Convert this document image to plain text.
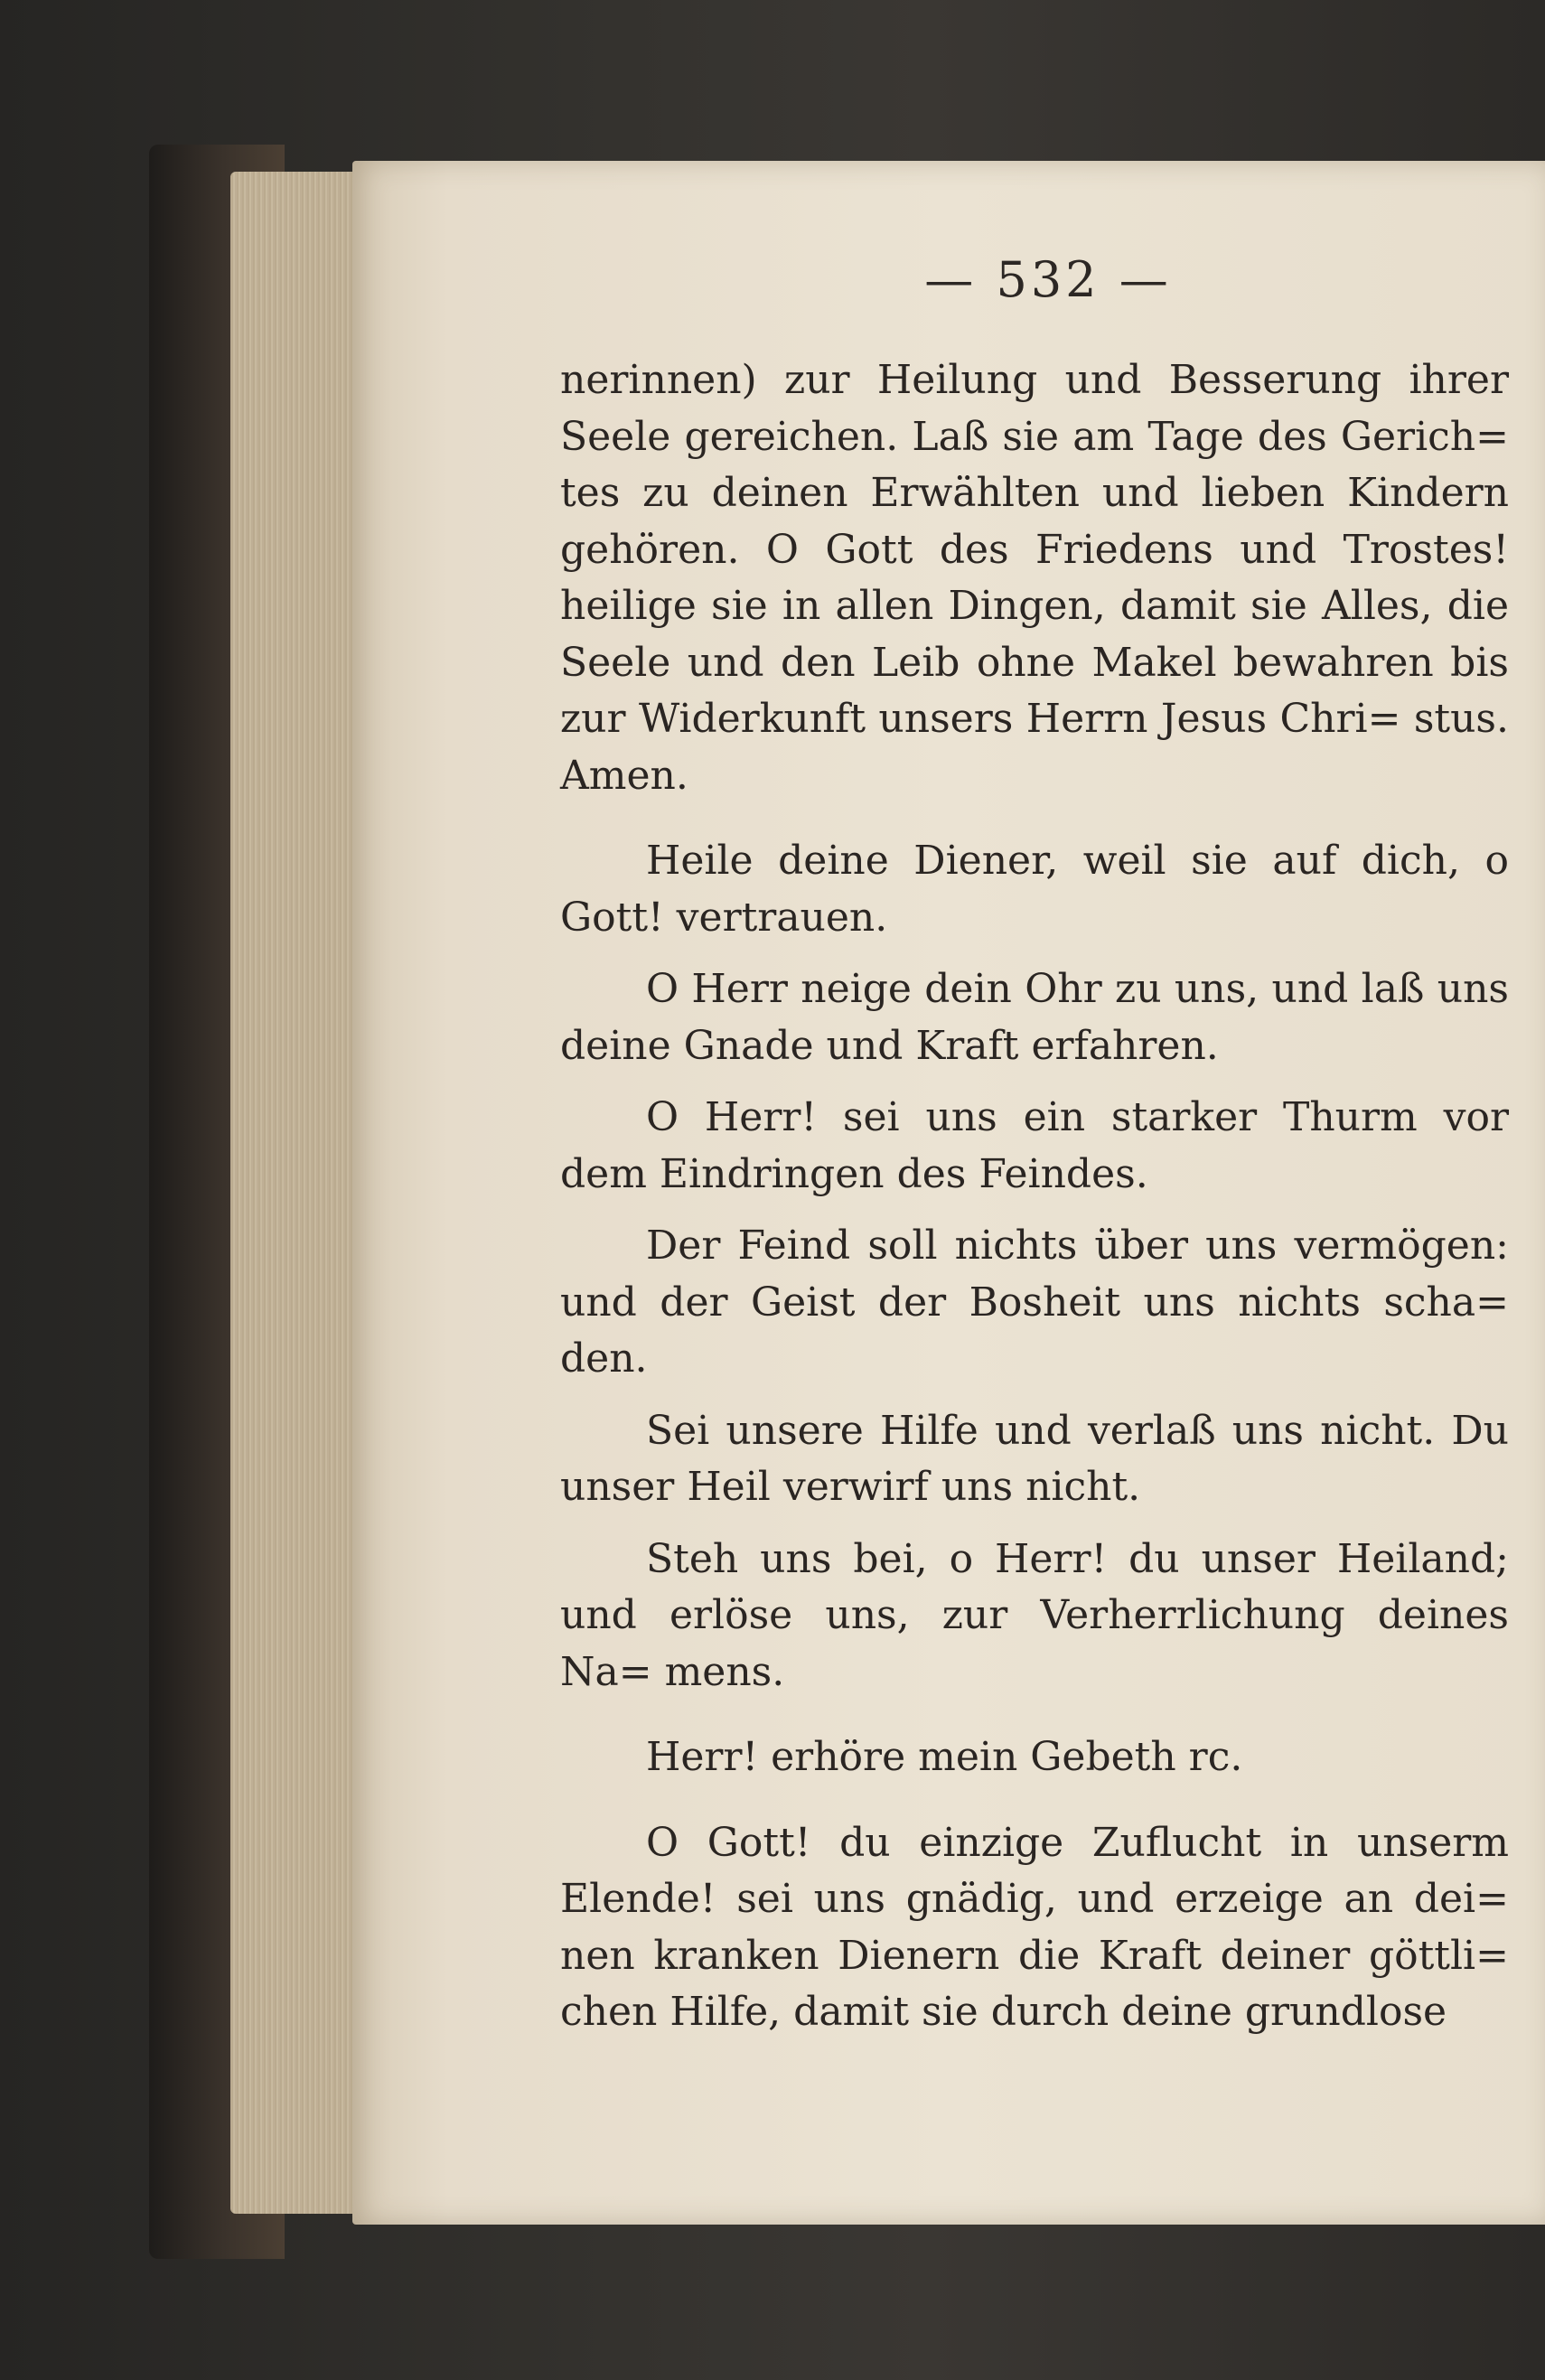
— 532 —

nerinnen) zur Heilung und Besserung ihrer Seele gereichen. Laß sie am Tage des Gerich= tes zu deinen Erwählten und lieben Kindern gehören. O Gott des Friedens und Trostes! heilige sie in allen Dingen, damit sie Alles, die Seele und den Leib ohne Makel bewahren bis zur Widerkunft unsers Herrn Jesus Chri= stus. Amen.

Heile deine Diener, weil sie auf dich, o Gott! vertrauen.

O Herr neige dein Ohr zu uns, und laß uns deine Gnade und Kraft erfahren.

O Herr! sei uns ein starker Thurm vor dem Eindringen des Feindes.

Der Feind soll nichts über uns vermögen: und der Geist der Bosheit uns nichts scha= den.

Sei unsere Hilfe und verlaß uns nicht. Du unser Heil verwirf uns nicht.

Steh uns bei, o Herr! du unser Heiland; und erlöse uns, zur Verherrlichung deines Na= mens.

Herr! erhöre mein Gebeth rc.

O Gott! du einzige Zuflucht in unserm Elende! sei uns gnädig, und erzeige an dei= nen kranken Dienern die Kraft deiner göttli= chen Hilfe, damit sie durch deine grundlose
